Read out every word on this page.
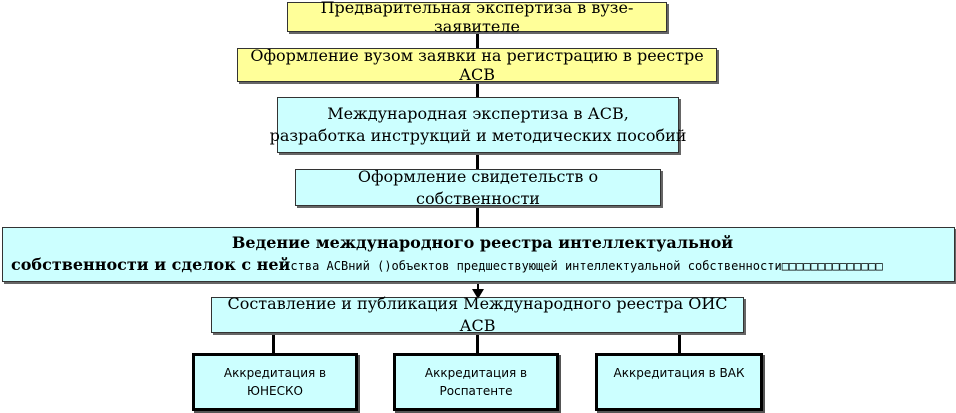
Предварительная экспертиза в вузе-заявителе
Оформление вузом заявки на регистрацию в реестре АСВ
Международная экспертиза в АСВ,
разработка инструкций и методических пособий
Оформление свидетельств о собственности
Ведение международного реестра интеллектуальной
собственности и сделок с нейства АСВний ()объектов предшествующей интеллектуальной собственности□□□□□□□□□□□□□□
Составление и публикация Международного реестра ОИС АСВ
Аккредитация в
ЮНЕСКО
Аккредитация в
Роспатенте
Аккредитация в ВАК
